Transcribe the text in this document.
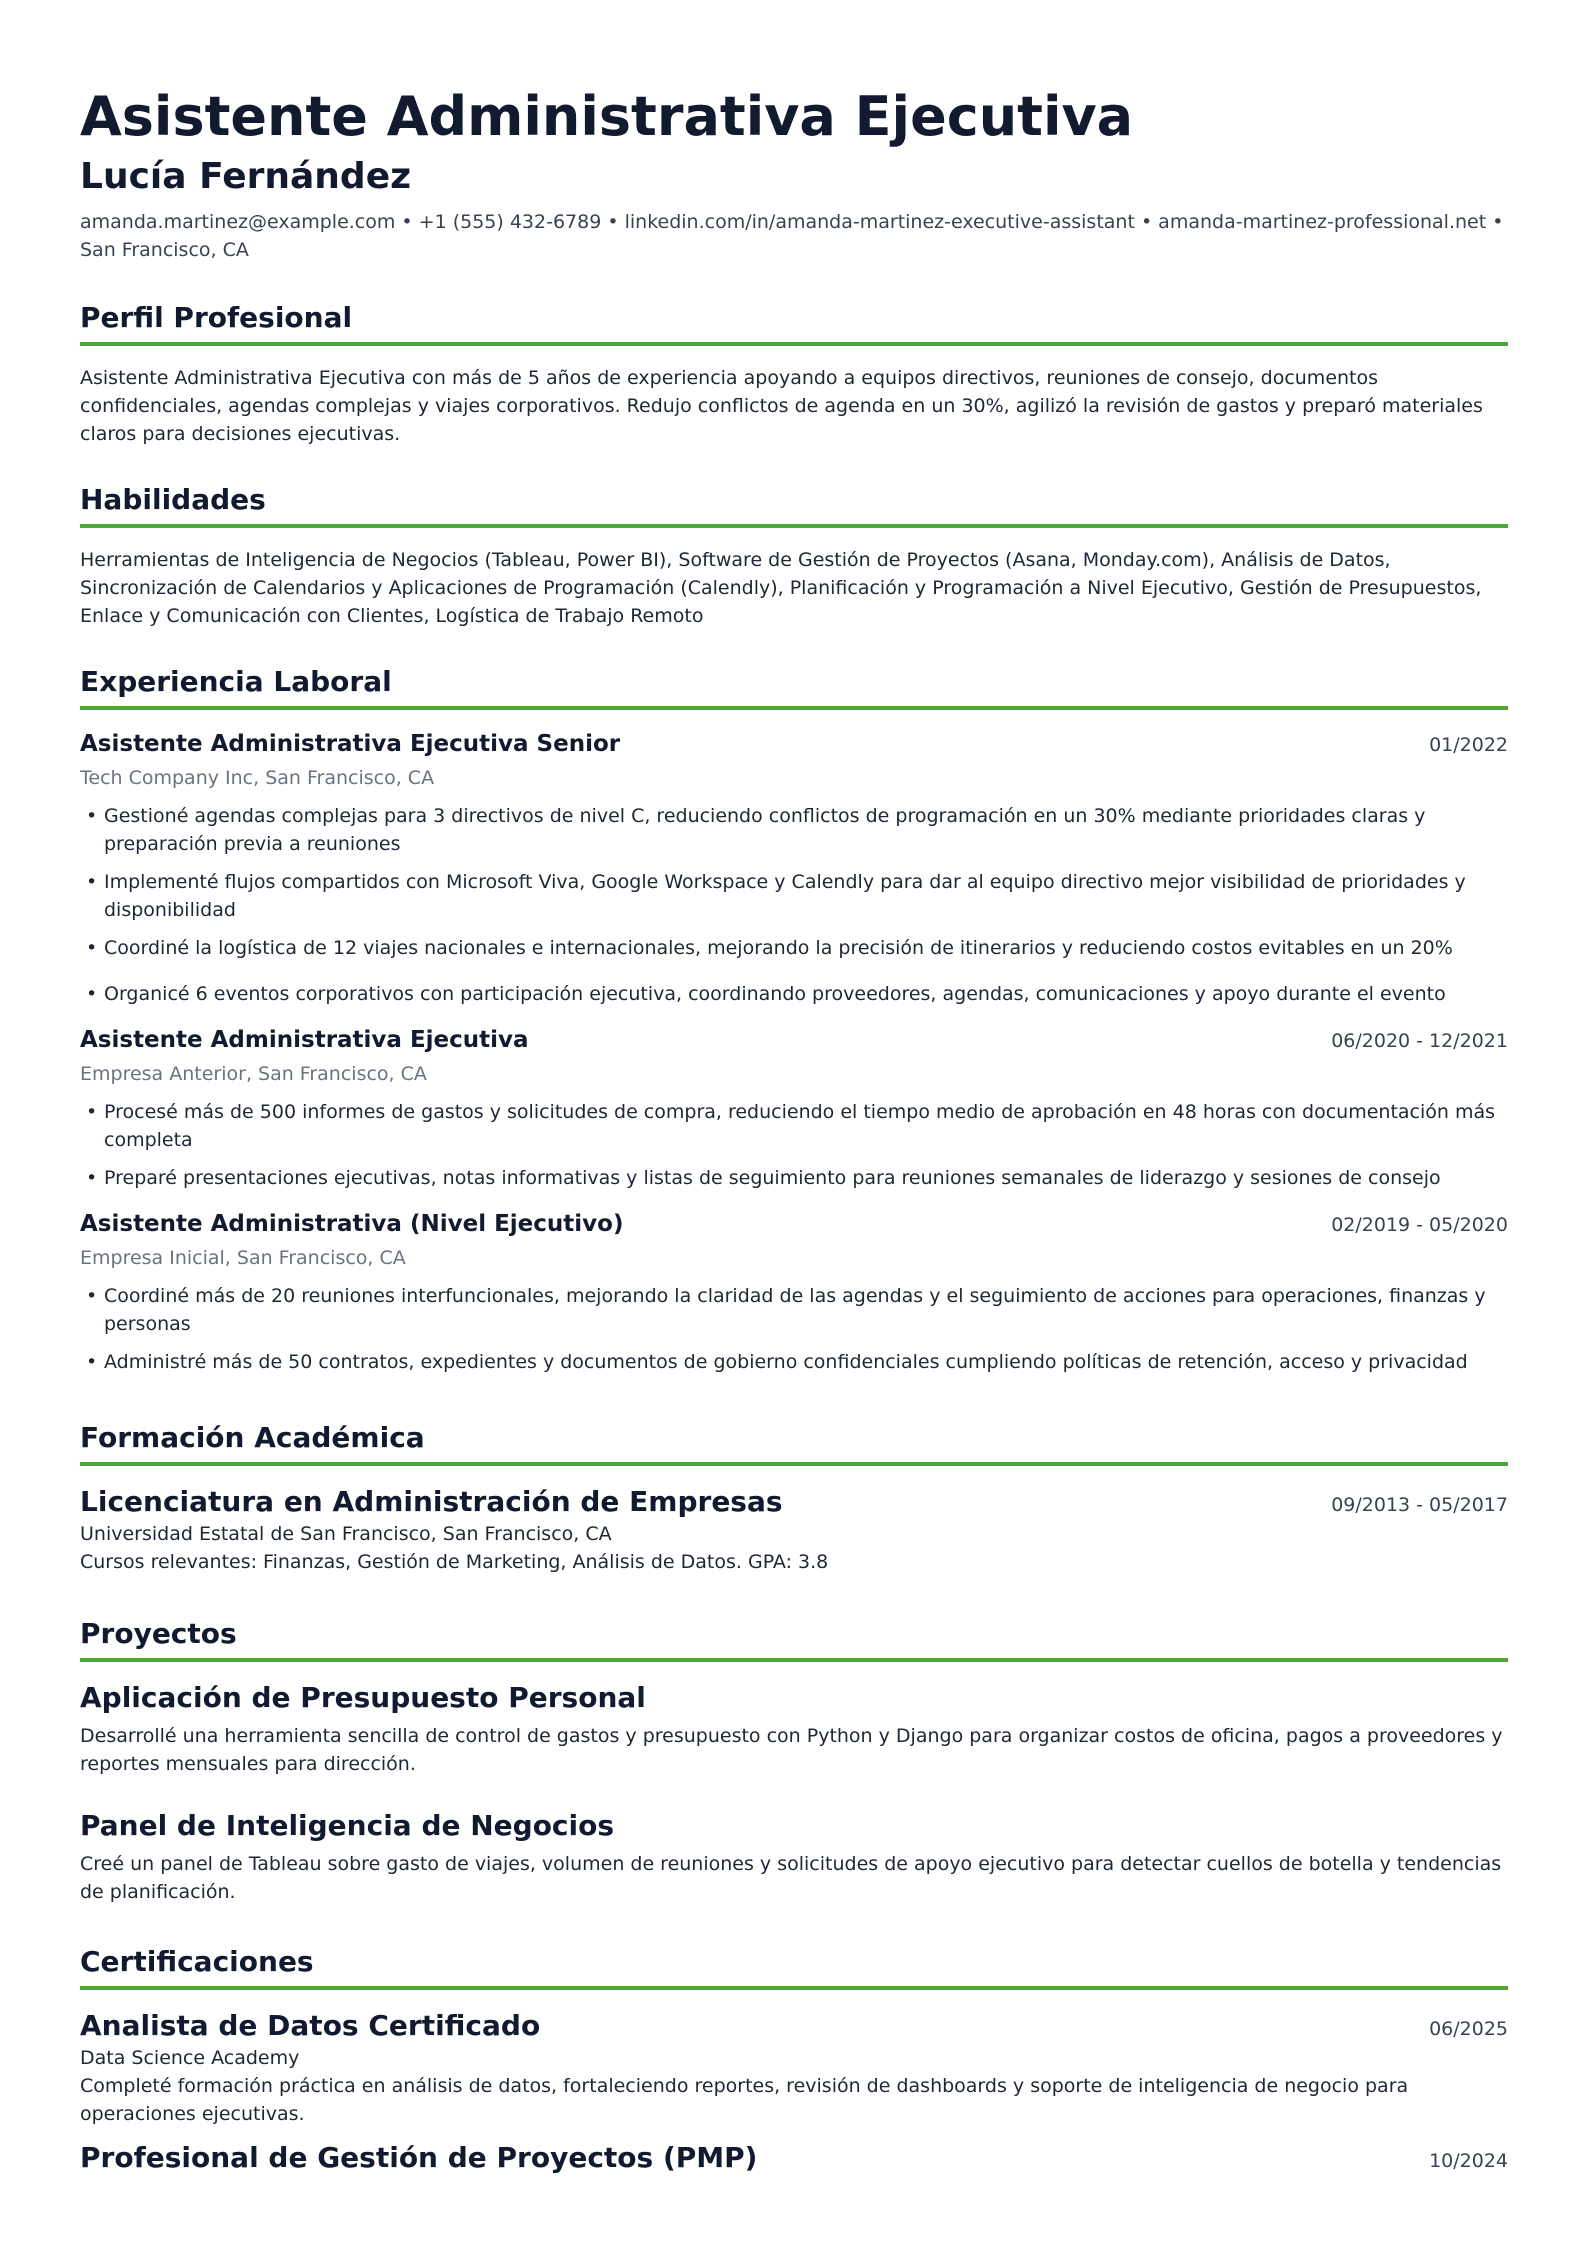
Asistente Administrativa Ejecutiva
Lucía Fernández
amanda.martinez@example.com • +1 (555) 432-6789 • linkedin.com/in/amanda-martinez-executive-assistant • amanda-martinez-professional.net • San Francisco, CA
Perfil Profesional

Asistente Administrativa Ejecutiva con más de 5 años de experiencia apoyando a equipos directivos, reuniones de consejo, documentos confidenciales, agendas complejas y viajes corporativos. Redujo conflictos de agenda en un 30%, agilizó la revisión de gastos y preparó materiales claros para decisiones ejecutivas.

Habilidades

Herramientas de Inteligencia de Negocios (Tableau, Power BI), Software de Gestión de Proyectos (Asana, Monday.com), Análisis de Datos, Sincronización de Calendarios y Aplicaciones de Programación (Calendly), Planificación y Programación a Nivel Ejecutivo, Gestión de Presupuestos, Enlace y Comunicación con Clientes, Logística de Trabajo Remoto

Experiencia Laboral
Asistente Administrativa Ejecutiva Senior	01/2022
Tech Company Inc, San Francisco, CA
• Gestioné agendas complejas para 3 directivos de nivel C, reduciendo conflictos de programación en un 30% mediante prioridades claras y preparación previa a reuniones
• Implementé flujos compartidos con Microsoft Viva, Google Workspace y Calendly para dar al equipo directivo mejor visibilidad de prioridades y disponibilidad
• Coordiné la logística de 12 viajes nacionales e internacionales, mejorando la precisión de itinerarios y reduciendo costos evitables en un 20%
• Organicé 6 eventos corporativos con participación ejecutiva, coordinando proveedores, agendas, comunicaciones y apoyo durante el evento
Asistente Administrativa Ejecutiva	06/2020 - 12/2021
Empresa Anterior, San Francisco, CA
• Procesé más de 500 informes de gastos y solicitudes de compra, reduciendo el tiempo medio de aprobación en 48 horas con documentación más completa
• Preparé presentaciones ejecutivas, notas informativas y listas de seguimiento para reuniones semanales de liderazgo y sesiones de consejo
Asistente Administrativa (Nivel Ejecutivo)	02/2019 - 05/2020
Empresa Inicial, San Francisco, CA
• Coordiné más de 20 reuniones interfuncionales, mejorando la claridad de las agendas y el seguimiento de acciones para operaciones, finanzas y personas
• Administré más de 50 contratos, expedientes y documentos de gobierno confidenciales cumpliendo políticas de retención, acceso y privacidad
Formación Académica
Licenciatura en Administración de Empresas	09/2013 - 05/2017
Universidad Estatal de San Francisco, San Francisco, CA
Cursos relevantes: Finanzas, Gestión de Marketing, Análisis de Datos. GPA: 3.8
Proyectos
Aplicación de Presupuesto Personal
Desarrollé una herramienta sencilla de control de gastos y presupuesto con Python y Django para organizar costos de oficina, pagos a proveedores y reportes mensuales para dirección.
Panel de Inteligencia de Negocios
Creé un panel de Tableau sobre gasto de viajes, volumen de reuniones y solicitudes de apoyo ejecutivo para detectar cuellos de botella y tendencias de planificación.
Certificaciones
Analista de Datos Certificado	06/2025
Data Science Academy
Completé formación práctica en análisis de datos, fortaleciendo reportes, revisión de dashboards y soporte de inteligencia de negocio para operaciones ejecutivas.
Profesional de Gestión de Proyectos (PMP)	10/2024
